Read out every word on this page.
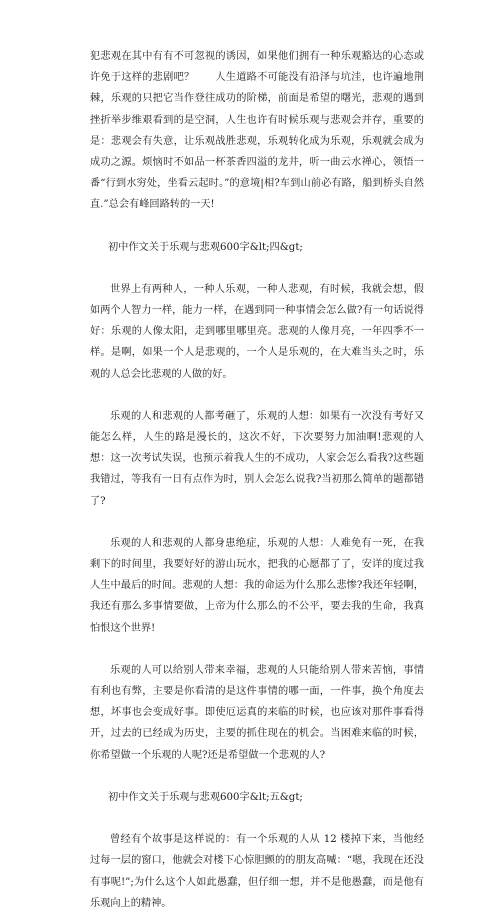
犯悲观在其中有有不可忽视的诱因，如果他们拥有一种乐观豁达的心态或许免于这样的悲剧吧？　　人生道路不可能没有沿泽与坑洼，也许遍地荆棘，乐观的只把它当作登往成功的阶梯，前面是希望的曙光，悲观的遇到挫折举步维艰看到的是空洞，人生也许有时候乐观与悲观会并存，重要的是：悲观会有失意，让乐观战胜悲观，乐观转化成为乐观，乐观就会成为成功之源。烦恼时不如品一杯茶香四溢的龙井，听一曲云水禅心，领悟一番“行到水穷处，坐看云起时。”的意境|相?车到山前必有路，船到桥头自然直.”总会有峰回路转的一天!

初中作文关于乐观与悲观600字&lt;四&gt;

世界上有两种人，一种人乐观，一种人悲观，有时候，我就会想，假如两个人智力一样，能力一样，在遇到同一种事情会怎么做?有一句话说得好：乐观的人像太阳，走到哪里哪里亮。悲观的人像月亮，一年四季不一样。是啊，如果一个人是悲观的，一个人是乐观的，在大难当头之时，乐观的人总会比悲观的人做的好。

乐观的人和悲观的人都考砸了，乐观的人想：如果有一次没有考好又能怎么样，人生的路是漫长的，这次不好，下次要努力加油啊!悲观的人想：这一次考试失误，也预示着我人生的不成功，人家会怎么看我?这些题我错过，等我有一日有点作为时，别人会怎么说我?当初那么简单的题都错了?

乐观的人和悲观的人都身患绝症，乐观的人想：人难免有一死，在我剩下的时间里，我要好好的游山玩水，把我的心愿都了了，安详的度过我人生中最后的时间。悲观的人想：我的命运为什么那么悲惨?我还年轻啊，我还有那么多事情要做，上帝为什么那么的不公平，要去我的生命，我真怕恨这个世界!

乐观的人可以给别人带来幸福，悲观的人只能给别人带来苦恼，事情有利也有弊，主要是你看清的是这件事情的哪一面，一件事，换个角度去想，坏事也会变成好事。即使厄运真的来临的时候，也应该对那件事看得开，过去的已经成为历史，主要的抓住现在的机会。当困难来临的时候，你希望做一个乐观的人呢?还是希望做一个悲观的人?

初中作文关于乐观与悲观600字&lt;五&gt;

曾经有个故事是这样说的：有一个乐观的人从 12 楼掉下来，当他经过每一层的窗口，他就会对楼下心惊胆颤的的朋友高喊：“嗯，我现在还没有事呢!”;为什么这个人如此愚蠢，但仔细一想，并不是他愚蠢，而是他有乐观向上的精神。
